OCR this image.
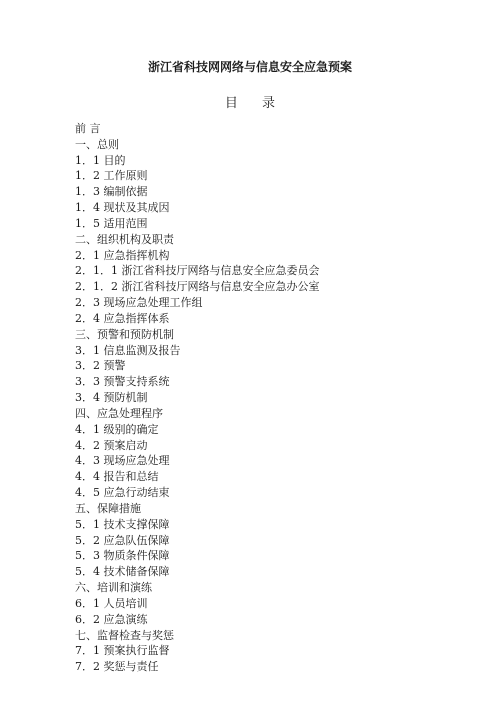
浙江省科技网网络与信息安全应急预案
目 录
前 言
一、总则
1．1 目的
1．2 工作原则
1．3 编制依据
1．4 现状及其成因
1．5 适用范围
二、组织机构及职责
2．1 应急指挥机构
2．1．1 浙江省科技厅网络与信息安全应急委员会
2．1．2 浙江省科技厅网络与信息安全应急办公室
2．3 现场应急处理工作组
2．4 应急指挥体系
三、预警和预防机制
3．1 信息监测及报告
3．2 预警
3．3 预警支持系统
3．4 预防机制
四、应急处理程序
4．1 级别的确定
4．2 预案启动
4．3 现场应急处理
4．4 报告和总结
4．5 应急行动结束
五、保障措施
5．1 技术支撑保障
5．2 应急队伍保障
5．3 物质条件保障
5．4 技术储备保障
六、培训和演练
6．1 人员培训
6．2 应急演练
七、监督检查与奖惩
7．1 预案执行监督
7．2 奖惩与责任
